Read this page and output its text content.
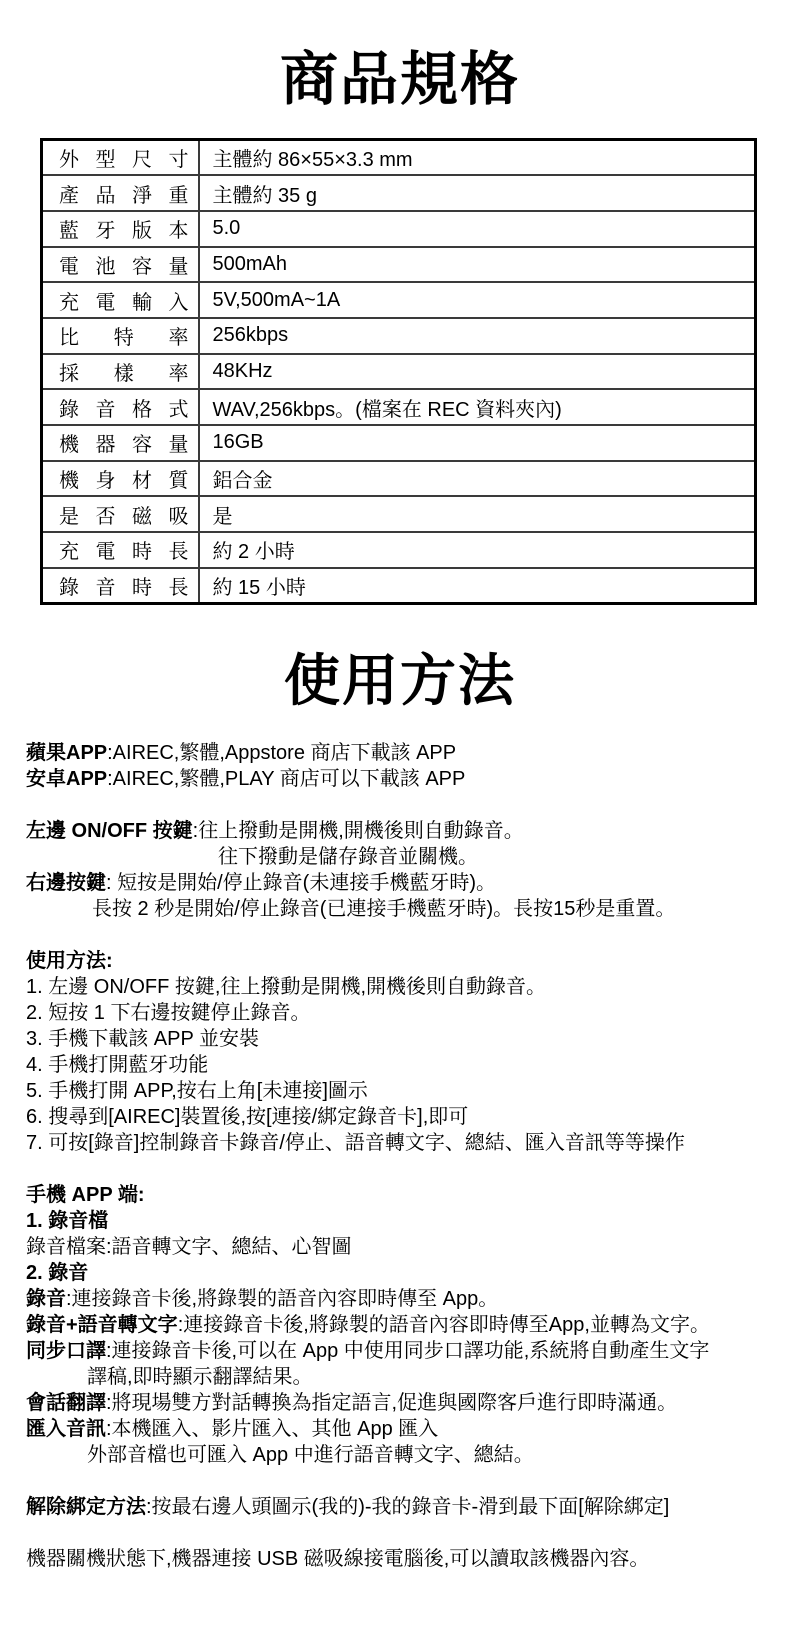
商品規格
外型尺寸	主體約 86×55×3.3 mm
產品淨重	主體約 35 g
藍牙版本	5.0
電池容量	500mAh
充電輸入	5V,500mA~1A
比特率	256kbps
採樣率	48KHz
錄音格式	WAV,256kbps。(檔案在 REC 資料夾內)
機器容量	16GB
機身材質	鋁合金
是否磁吸	是
充電時長	約 2 小時
錄音時長	約 15 小時
使用方法
蘋果APP:AIREC,繁體,Appstore 商店下載該 APP
安卓APP:AIREC,繁體,PLAY 商店可以下載該 APP
左邊 ON/OFF 按鍵:往上撥動是開機,開機後則自動錄音。
往下撥動是儲存錄音並關機。
右邊按鍵: 短按是開始/停止錄音(未連接手機藍牙時)。
長按 2 秒是開始/停止錄音(已連接手機藍牙時)。長按15秒是重置。
使用方法:
1. 左邊 ON/OFF 按鍵,往上撥動是開機,開機後則自動錄音。
2. 短按 1 下右邊按鍵停止錄音。
3. 手機下載該 APP 並安裝
4. 手機打開藍牙功能
5. 手機打開 APP,按右上角[未連接]圖示
6. 搜尋到[AIREC]裝置後,按[連接/綁定錄音卡],即可
7. 可按[錄音]控制錄音卡錄音/停止、語音轉文字、總結、匯入音訊等等操作
手機 APP 端:
1. 錄音檔
錄音檔案:語音轉文字、總結、心智圖
2. 錄音
錄音:連接錄音卡後,將錄製的語音內容即時傳至 App。
錄音+語音轉文字:連接錄音卡後,將錄製的語音內容即時傳至App,並轉為文字。
同步口譯:連接錄音卡後,可以在 App 中使用同步口譯功能,系統將自動產生文字
譯稿,即時顯示翻譯結果。
會話翻譯:將現場雙方對話轉換為指定語言,促進與國際客戶進行即時滿通。
匯入音訊:本機匯入、影片匯入、其他 App 匯入
外部音檔也可匯入 App 中進行語音轉文字、總結。
解除綁定方法:按最右邊人頭圖示(我的)-我的錄音卡-滑到最下面[解除綁定]
機器關機狀態下,機器連接 USB 磁吸線接電腦後,可以讀取該機器內容。
